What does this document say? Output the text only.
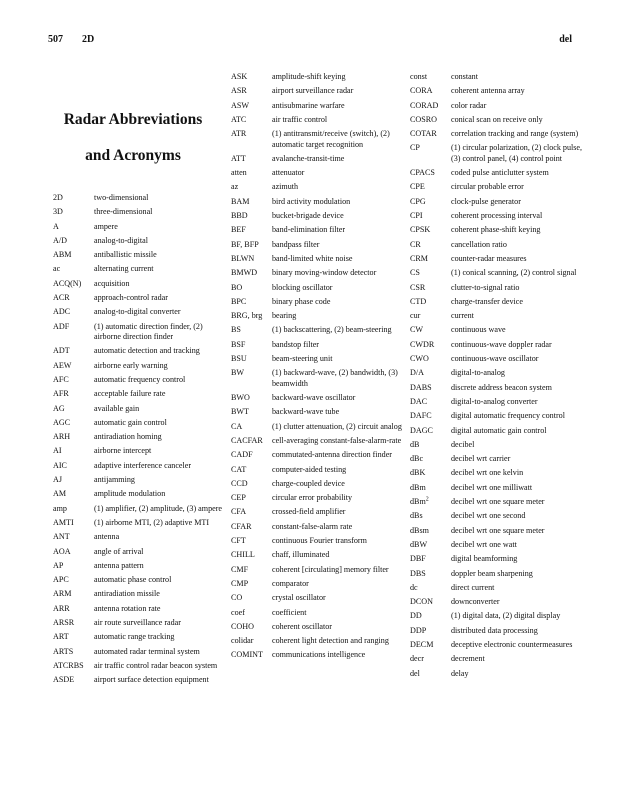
507 2D	del
Radar Abbreviations
and Acronyms
2D	two-dimensional
3D	three-dimensional
A	ampere
A/D	analog-to-digital
ABM	antiballistic missile
ac	alternating current
ACQ(N)	acquisition
ACR	approach-control radar
ADC	analog-to-digital converter
ADF	(1) automatic direction finder, (2) airborne direction finder
ADT	automatic detection and tracking
AEW	airborne early warning
AFC	automatic frequency control
AFR	acceptable failure rate
AG	available gain
AGC	automatic gain control
ARH	antiradiation homing
AI	airborne intercept
AIC	adaptive interference canceler
AJ	antijamming
AM	amplitude modulation
amp	(1) amplifier, (2) amplitude, (3) ampere
AMTI	(1) airborne MTI, (2) adaptive MTI
ANT	antenna
AOA	angle of arrival
AP	antenna pattern
APC	automatic phase control
ARM	antiradiation missile
ARR	antenna rotation rate
ARSR	air route surveillance radar
ART	automatic range tracking
ARTS	automated radar terminal system
ATCRBS	air traffic control radar beacon system
ASDE	airport surface detection equipment
ASK	amplitude-shift keying
ASR	airport surveillance radar
ASW	antisubmarine warfare
ATC	air traffic control
ATR	(1) antitransmit/receive (switch), (2) automatic target recognition
ATT	avalanche-transit-time
atten	attenuator
az	azimuth
BAM	bird activity modulation
BBD	bucket-brigade device
BEF	band-elimination filter
BF, BFP	bandpass filter
BLWN	band-limited white noise
BMWD	binary moving-window detector
BO	blocking oscillator
BPC	binary phase code
BRG, brg	bearing
BS	(1) backscattering, (2) beam-steering
BSF	bandstop filter
BSU	beam-steering unit
BW	(1) backward-wave, (2) bandwidth, (3) beamwidth
BWO	backward-wave oscillator
BWT	backward-wave tube
CA	(1) clutter attenuation, (2) circuit analog
CACFAR	cell-averaging constant-false-alarm-rate
CADF	commutated-antenna direction finder
CAT	computer-aided testing
CCD	charge-coupled device
CEP	circular error probability
CFA	crossed-field amplifier
CFAR	constant-false-alarm rate
CFT	continuous Fourier transform
CHILL	chaff, illuminated
CMF	coherent [circulating] memory filter
CMP	comparator
CO	crystal oscillator
coef	coefficient
COHO	coherent oscillator
colidar	coherent light detection and ranging
COMINT	communications intelligence
const	constant
CORA	coherent antenna array
CORAD	color radar
COSRO	conical scan on receive only
COTAR	correlation tracking and range (system)
CP	(1) circular polarization, (2) clock pulse, (3) control panel, (4) control point
CPACS	coded pulse anticlutter system
CPE	circular probable error
CPG	clock-pulse generator
CPI	coherent processing interval
CPSK	coherent phase-shift keying
CR	cancellation ratio
CRM	counter-radar measures
CS	(1) conical scanning, (2) control signal
CSR	clutter-to-signal ratio
CTD	charge-transfer device
cur	current
CW	continuous wave
CWDR	continuous-wave doppler radar
CWO	continuous-wave oscillator
D/A	digital-to-analog
DABS	discrete address beacon system
DAC	digital-to-analog converter
DAFC	digital automatic frequency control
DAGC	digital automatic gain control
dB	decibel
dBc	decibel wrt carrier
dBK	decibel wrt one kelvin
dBm	decibel wrt one milliwatt
dBm$^2$	decibel wrt one square meter
dBs	decibel wrt one second
dBsm	decibel wrt one square meter
dBW	decibel wrt one watt
DBF	digital beamforming
DBS	doppler beam sharpening
dc	direct current
DCON	downconverter
DD	(1) digital data, (2) digital display
DDP	distributed data processing
DECM	deceptive electronic countermeasures
decr	decrement
del	delay
